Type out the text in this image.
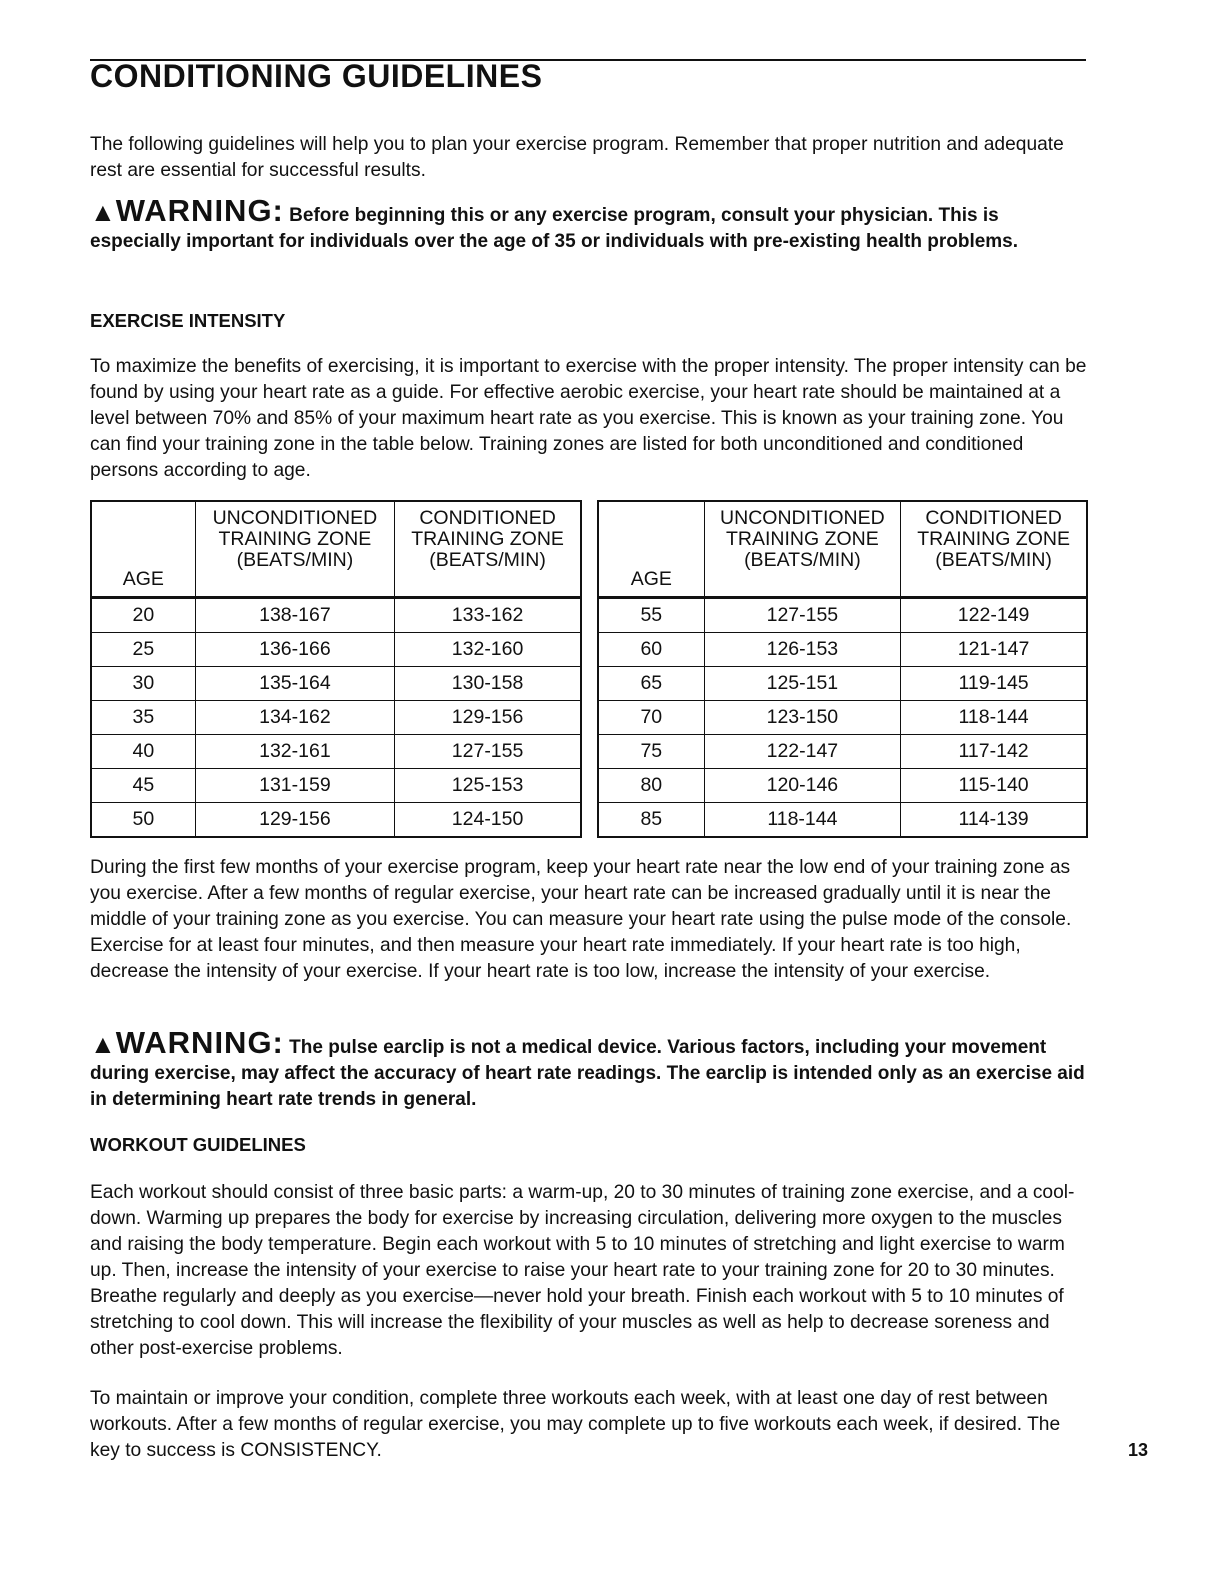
CONDITIONING GUIDELINES

The following guidelines will help you to plan your exercise program. Remember that proper nutrition and adequate rest are essential for successful results.

▲WARNING: Before beginning this or any exercise program, consult your physician. This is especially important for individuals over the age of 35 or individuals with pre-existing health problems.

EXERCISE INTENSITY

To maximize the benefits of exercising, it is important to exercise with the proper intensity. The proper intensity can be found by using your heart rate as a guide. For effective aerobic exercise, your heart rate should be maintained at a level between 70% and 85% of your maximum heart rate as you exercise. This is known as your training zone. You can find your training zone in the table below. Training zones are listed for both unconditioned and conditioned persons according to age.

AGE	UNCONDITIONED
TRAINING ZONE
(BEATS/MIN)	CONDITIONED
TRAINING ZONE
(BEATS/MIN)
20	138-167	133-162
25	136-166	132-160
30	135-164	130-158
35	134-162	129-156
40	132-161	127-155
45	131-159	125-153
50	129-156	124-150
AGE	UNCONDITIONED
TRAINING ZONE
(BEATS/MIN)	CONDITIONED
TRAINING ZONE
(BEATS/MIN)
55	127-155	122-149
60	126-153	121-147
65	125-151	119-145
70	123-150	118-144
75	122-147	117-142
80	120-146	115-140
85	118-144	114-139

During the first few months of your exercise program, keep your heart rate near the low end of your training zone as you exercise. After a few months of regular exercise, your heart rate can be increased gradually until it is near the middle of your training zone as you exercise. You can measure your heart rate using the pulse mode of the console. Exercise for at least four minutes, and then measure your heart rate immediately. If your heart rate is too high, decrease the intensity of your exercise. If your heart rate is too low, increase the intensity of your exercise.

▲WARNING: The pulse earclip is not a medical device. Various factors, including your movement during exercise, may affect the accuracy of heart rate readings. The earclip is intended only as an exercise aid in determining heart rate trends in general.

WORKOUT GUIDELINES

Each workout should consist of three basic parts: a warm-up, 20 to 30 minutes of training zone exercise, and a cool-down. Warming up prepares the body for exercise by increasing circulation, delivering more oxygen to the muscles and raising the body temperature. Begin each workout with 5 to 10 minutes of stretching and light exercise to warm up. Then, increase the intensity of your exercise to raise your heart rate to your training zone for 20 to 30 minutes. Breathe regularly and deeply as you exercise—never hold your breath. Finish each workout with 5 to 10 minutes of stretching to cool down. This will increase the flexibility of your muscles as well as help to decrease soreness and other post-exercise problems.

To maintain or improve your condition, complete three workouts each week, with at least one day of rest between workouts. After a few months of regular exercise, you may complete up to five workouts each week, if desired. The key to success is CONSISTENCY.	13
